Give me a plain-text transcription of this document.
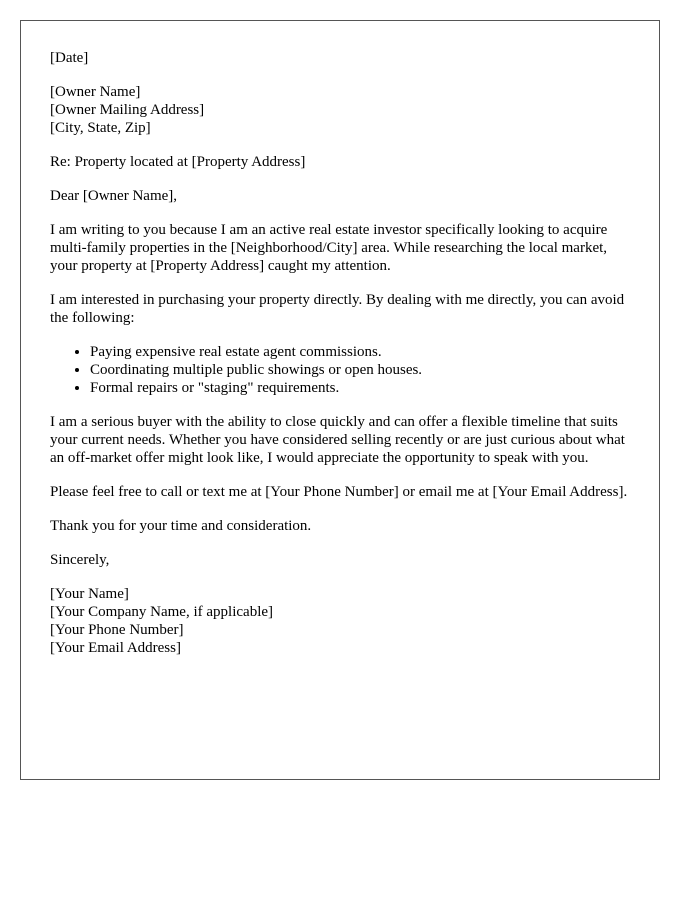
[Date]

[Owner Name]
[Owner Mailing Address]
[City, State, Zip]

Re: Property located at [Property Address]

Dear [Owner Name],

I am writing to you because I am an active real estate investor specifically looking to acquire multi-family properties in the [Neighborhood/City] area. While researching the local market, your property at [Property Address] caught my attention.

I am interested in purchasing your property directly. By dealing with me directly, you can avoid the following:

• Paying expensive real estate agent commissions.
• Coordinating multiple public showings or open houses.
• Formal repairs or "staging" requirements.

I am a serious buyer with the ability to close quickly and can offer a flexible timeline that suits your current needs. Whether you have considered selling recently or are just curious about what an off-market offer might look like, I would appreciate the opportunity to speak with you.

Please feel free to call or text me at [Your Phone Number] or email me at [Your Email Address].

Thank you for your time and consideration.

Sincerely,

[Your Name]
[Your Company Name, if applicable]
[Your Phone Number]
[Your Email Address]
